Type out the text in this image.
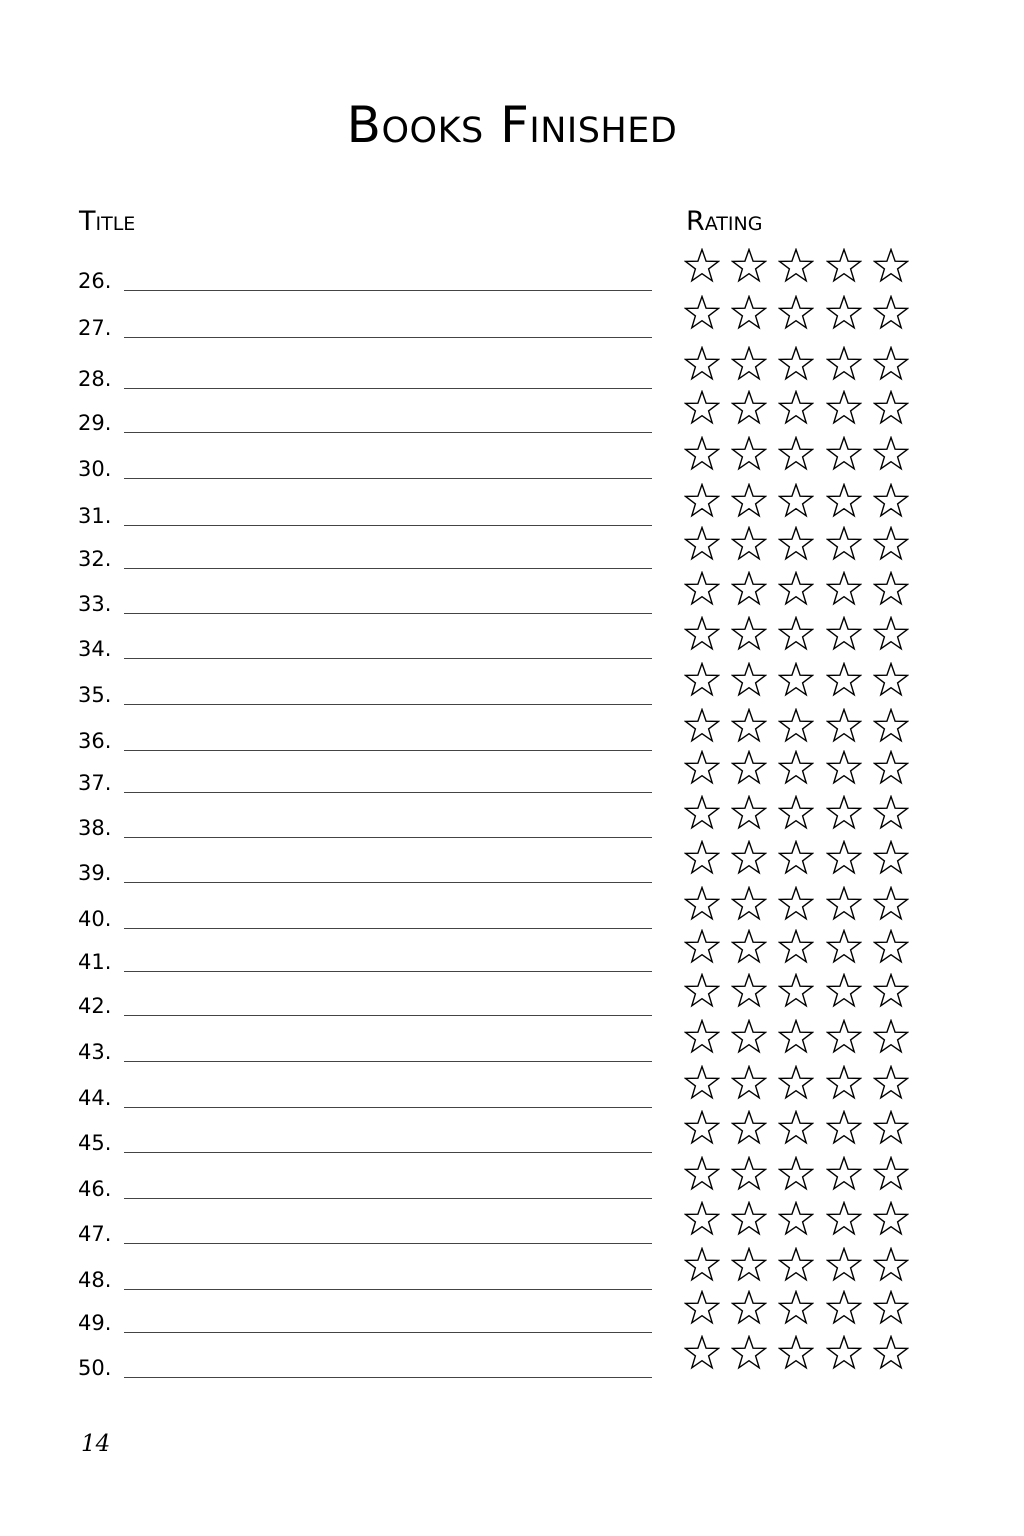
Books Finished
Title	Rating
26.
27.
28.
29.
30.
31.
32.
33.
34.
35.
36.
37.
38.
39.
40.
41.
42.
43.
44.
45.
46.
47.
48.
49.
50.
14
